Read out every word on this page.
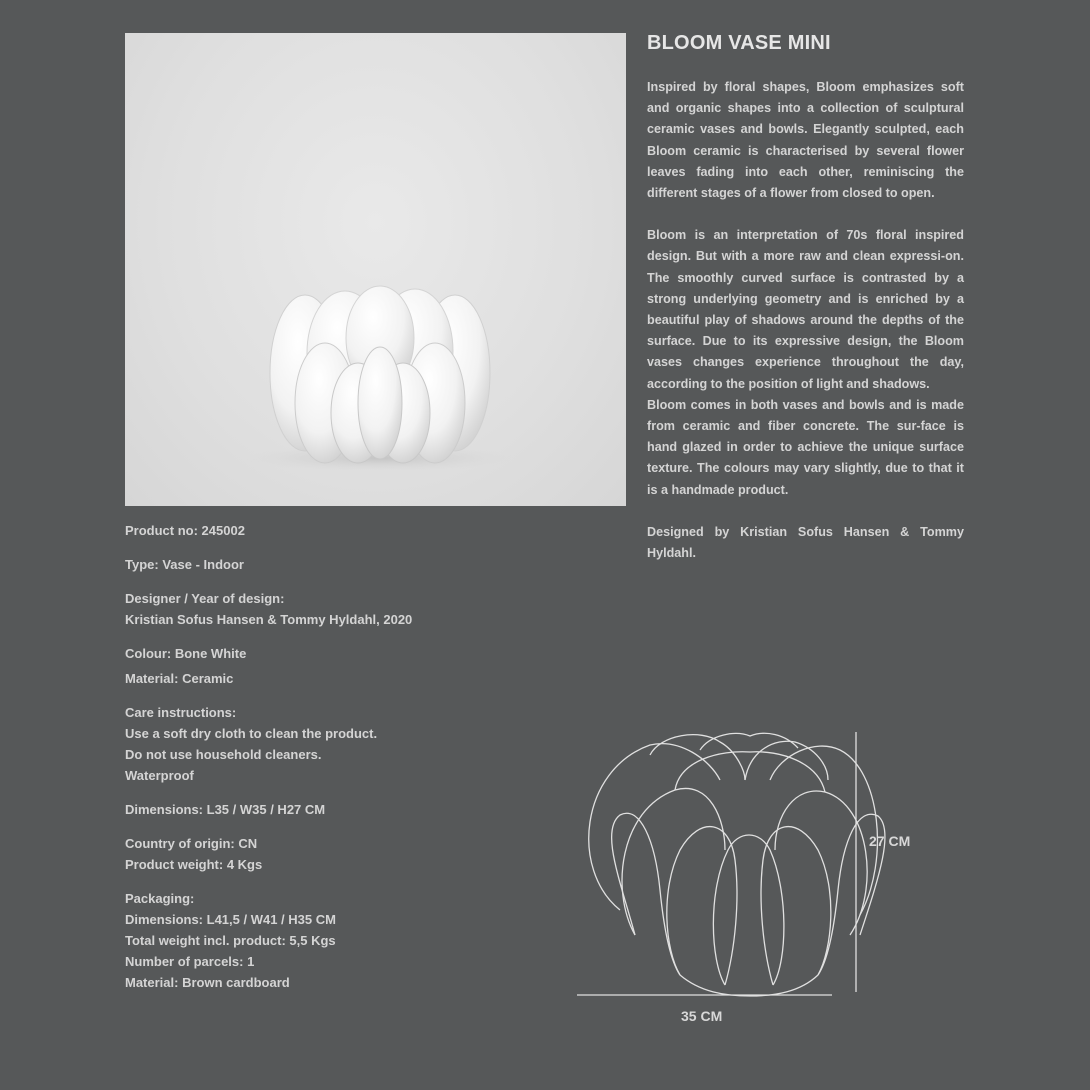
BLOOM VASE MINI

Inspired by floral shapes, Bloom emphasizes soft and organic shapes into a collection of sculptural ceramic vases and bowls. Elegantly sculpted, each Bloom ceramic is characterised by several flower leaves fading into each other, reminiscing the different stages of a flower from closed to open.

Bloom is an interpretation of 70s floral inspired design. But with a more raw and clean expressi-on. The smoothly curved surface is contrasted by a strong underlying geometry and is enriched by a beautiful play of shadows around the depths of the surface. Due to its expressive design, the Bloom vases changes experience throughout the day, according to the position of light and shadows.

Bloom comes in both vases and bowls and is made from ceramic and fiber concrete. The sur-face is hand glazed in order to achieve the unique surface texture. The colours may vary slightly, due to that it is a handmade product.

Designed by Kristian Sofus Hansen & Tommy Hyldahl.

Product no: 245002
Type: Vase - Indoor
Designer / Year of design:
Kristian Sofus Hansen & Tommy Hyldahl, 2020
Colour: Bone White
Material: Ceramic
Care instructions:
Use a soft dry cloth to clean the product.
Do not use household cleaners.
Waterproof
Dimensions: L35 / W35 / H27 CM
Country of origin: CN
Product weight: 4 Kgs
Packaging:
Dimensions: L41,5 / W41 / H35 CM
Total weight incl. product: 5,5 Kgs
Number of parcels: 1
Material: Brown cardboard
27 CM
35 CM
